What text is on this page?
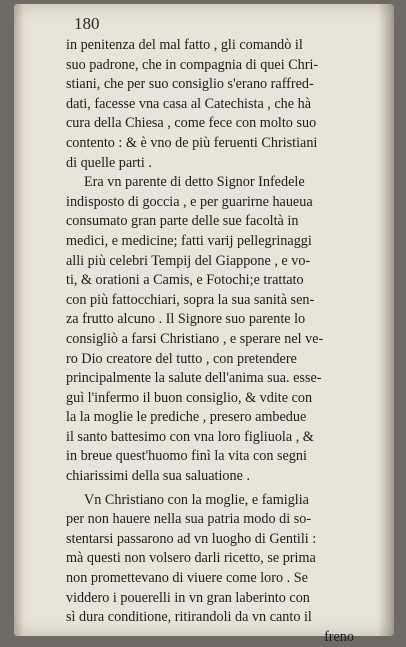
180
in penitenza del mal fatto , gli comandò il
suo padrone, che in compagnia di quei Chri-
stiani, che per suo consiglio s'erano raffred-
dati, facesse vna casa al Catechista , che hà
cura della Chiesa , come fece con molto suo
contento : & è vno de più feruenti Christiani
di quelle parti .
Era vn parente di detto Signor Infedele
indisposto di goccia , e per guarirne haueua
consumato gran parte delle sue facoltà in
medici, e medicine; fatti varij pellegrinaggi
alli più celebri Tempij del Giappone , e vo-
ti, & orationi a Camis, e Fotochi;e trattato
con più fattocchiari, sopra la sua sanità sen-
za frutto alcuno . Il Signore suo parente lo
consigliò a farsi Christiano , e sperare nel ve-
ro Dio creatore del tutto , con pretendere
principalmente la salute dell'anima sua. esse-
guì l'infermo il buon consiglio, & vdite con
la la moglie le prediche , presero ambedue
il santo battesimo con vna loro figliuola , &
in breue quest'huomo finì la vita con segni
chiarissimi della sua saluatione .
Vn Christiano con la moglie, e famiglia
per non hauere nella sua patria modo di so-
stentarsi passarono ad vn luogho di Gentili :
mà questi non volsero darli ricetto, se prima
non promettevano di viuere come loro . Se
viddero i pouerelli in vn gran laberinto con
sì dura conditione, ritirandoli da vn canto il
freno
